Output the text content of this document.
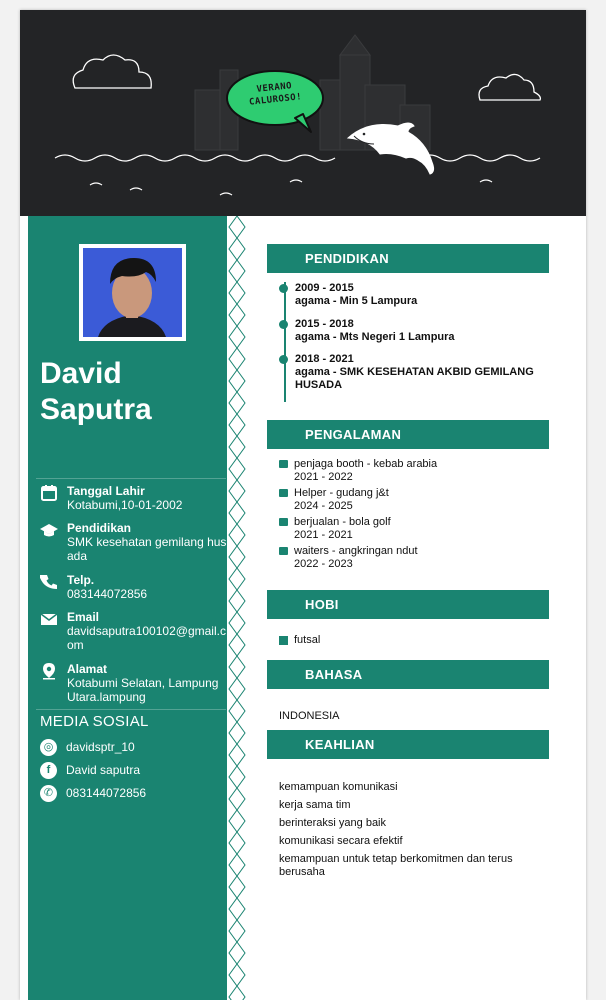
VERANO
CALUROSO!
David
Saputra
Tanggal Lahir
Kotabumi,10-01-2002
Pendidikan
SMK kesehatan gemilang husada
Telp.
083144072856
Email
davidsaputra100102@gmail.com
Alamat
Kotabumi Selatan, Lampung Utara.lampung
MEDIA SOSIAL
◎	davidsptr_10
f	David saputra
✆	083144072856
PENDIDIKAN
2009 - 2015
agama - Min 5 Lampura
2015 - 2018
agama - Mts Negeri 1 Lampura
2018 - 2021
agama - SMK KESEHATAN AKBID GEMILANG HUSADA
PENGALAMAN
penjaga booth - kebab arabia
2021 - 2022
Helper - gudang j&t
2024 - 2025
berjualan - bola golf
2021 - 2021
waiters - angkringan ndut
2022 - 2023
HOBI
futsal
BAHASA
INDONESIA
KEAHLIAN
kemampuan komunikasi
kerja sama tim
berinteraksi yang baik
komunikasi secara efektif
kemampuan untuk tetap berkomitmen dan terus berusaha
